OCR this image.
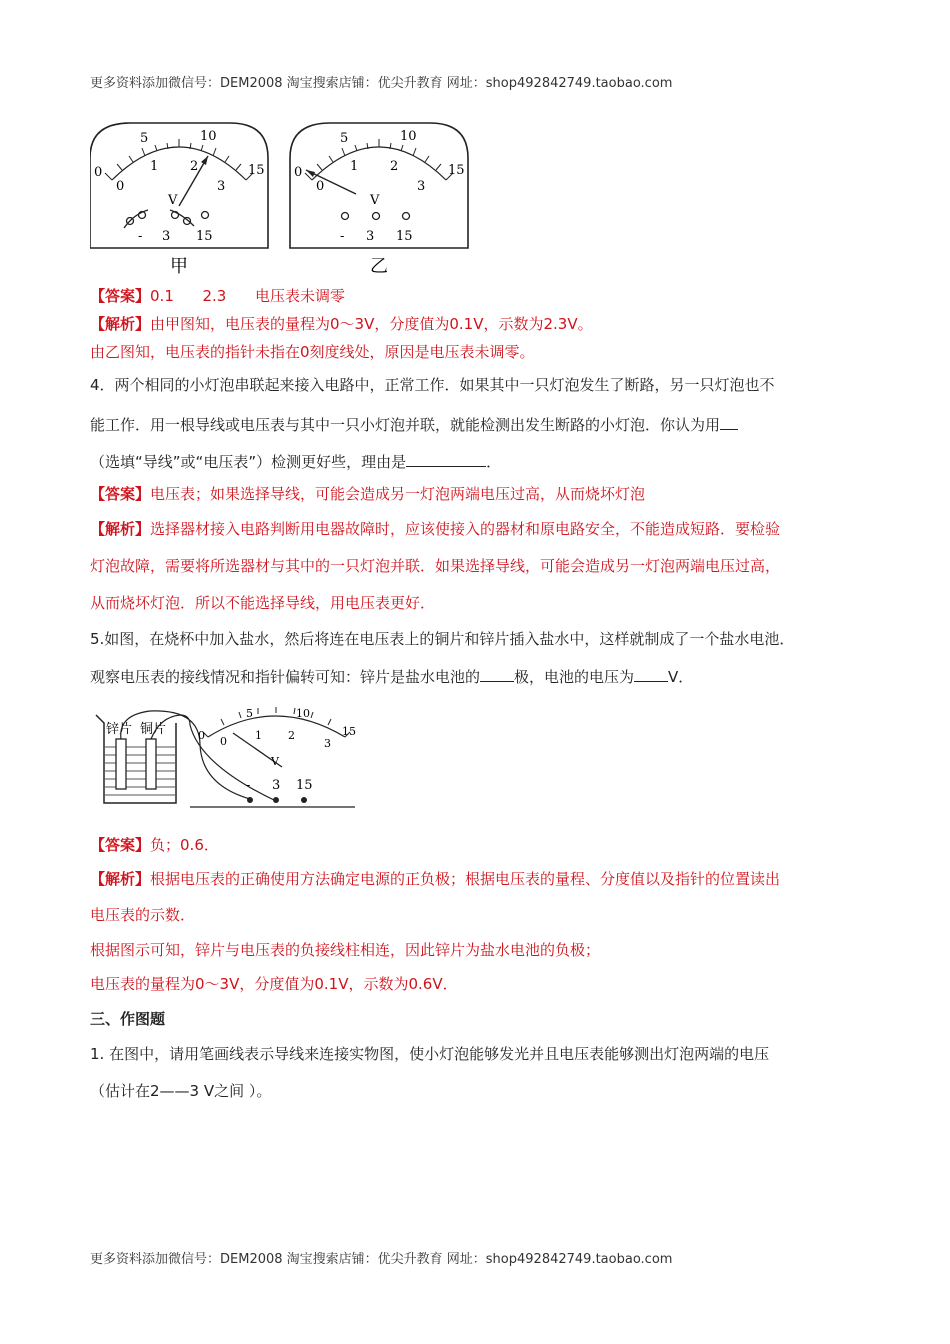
更多资料添加微信号：DEM2008 淘宝搜索店铺：优尖升教育 网址：shop492842749.taobao.com
0
5	10
15
0
1 2
3
V
- 3 15
甲
0
5	10
15
0
1 2
3
V
- 3 15
乙
【答案】0.1      2.3      电压表未调零
【解析】由甲图知，电压表的量程为0～3V，分度值为0.1V，示数为2.3V。
由乙图知，电压表的指针未指在0刻度线处，原因是电压表未调零。
4．两个相同的小灯泡串联起来接入电路中，正常工作．如果其中一只灯泡发生了断路，另一只灯泡也不
能工作．用一根导线或电压表与其中一只小灯泡并联，就能检测出发生断路的小灯泡．你认为用
（选填“导线”或“电压表”）检测更好些，理由是	．
【答案】电压表；如果选择导线，可能会造成另一灯泡两端电压过高，从而烧坏灯泡
【解析】选择器材接入电路判断用电器故障时，应该使接入的器材和原电路安全，不能造成短路．要检验
灯泡故障，需要将所选器材与其中的一只灯泡并联．如果选择导线，可能会造成另一灯泡两端电压过高，
从而烧坏灯泡．所以不能选择导线，用电压表更好．
5.如图，在烧杯中加入盐水，然后将连在电压表上的铜片和锌片插入盐水中，这样就制成了一个盐水电池．
观察电压表的接线情况和指针偏转可知：锌片是盐水电池的 极，电池的电压为 V．
锌片 铜片	0
5	10
15
0	1 2
3
V
- 3 15
【答案】负；0.6．
【解析】根据电压表的正确使用方法确定电源的正负极；根据电压表的量程、分度值以及指针的位置读出
电压表的示数．
根据图示可知，锌片与电压表的负接线柱相连，因此锌片为盐水电池的负极；
电压表的量程为0～3V，分度值为0.1V，示数为0.6V．
三、作图题
1. 在图中，请用笔画线表示导线来连接实物图，使小灯泡能够发光并且电压表能够测出灯泡两端的电压
（估计在2——3 V之间 ）。
更多资料添加微信号：DEM2008 淘宝搜索店铺：优尖升教育 网址：shop492842749.taobao.com
